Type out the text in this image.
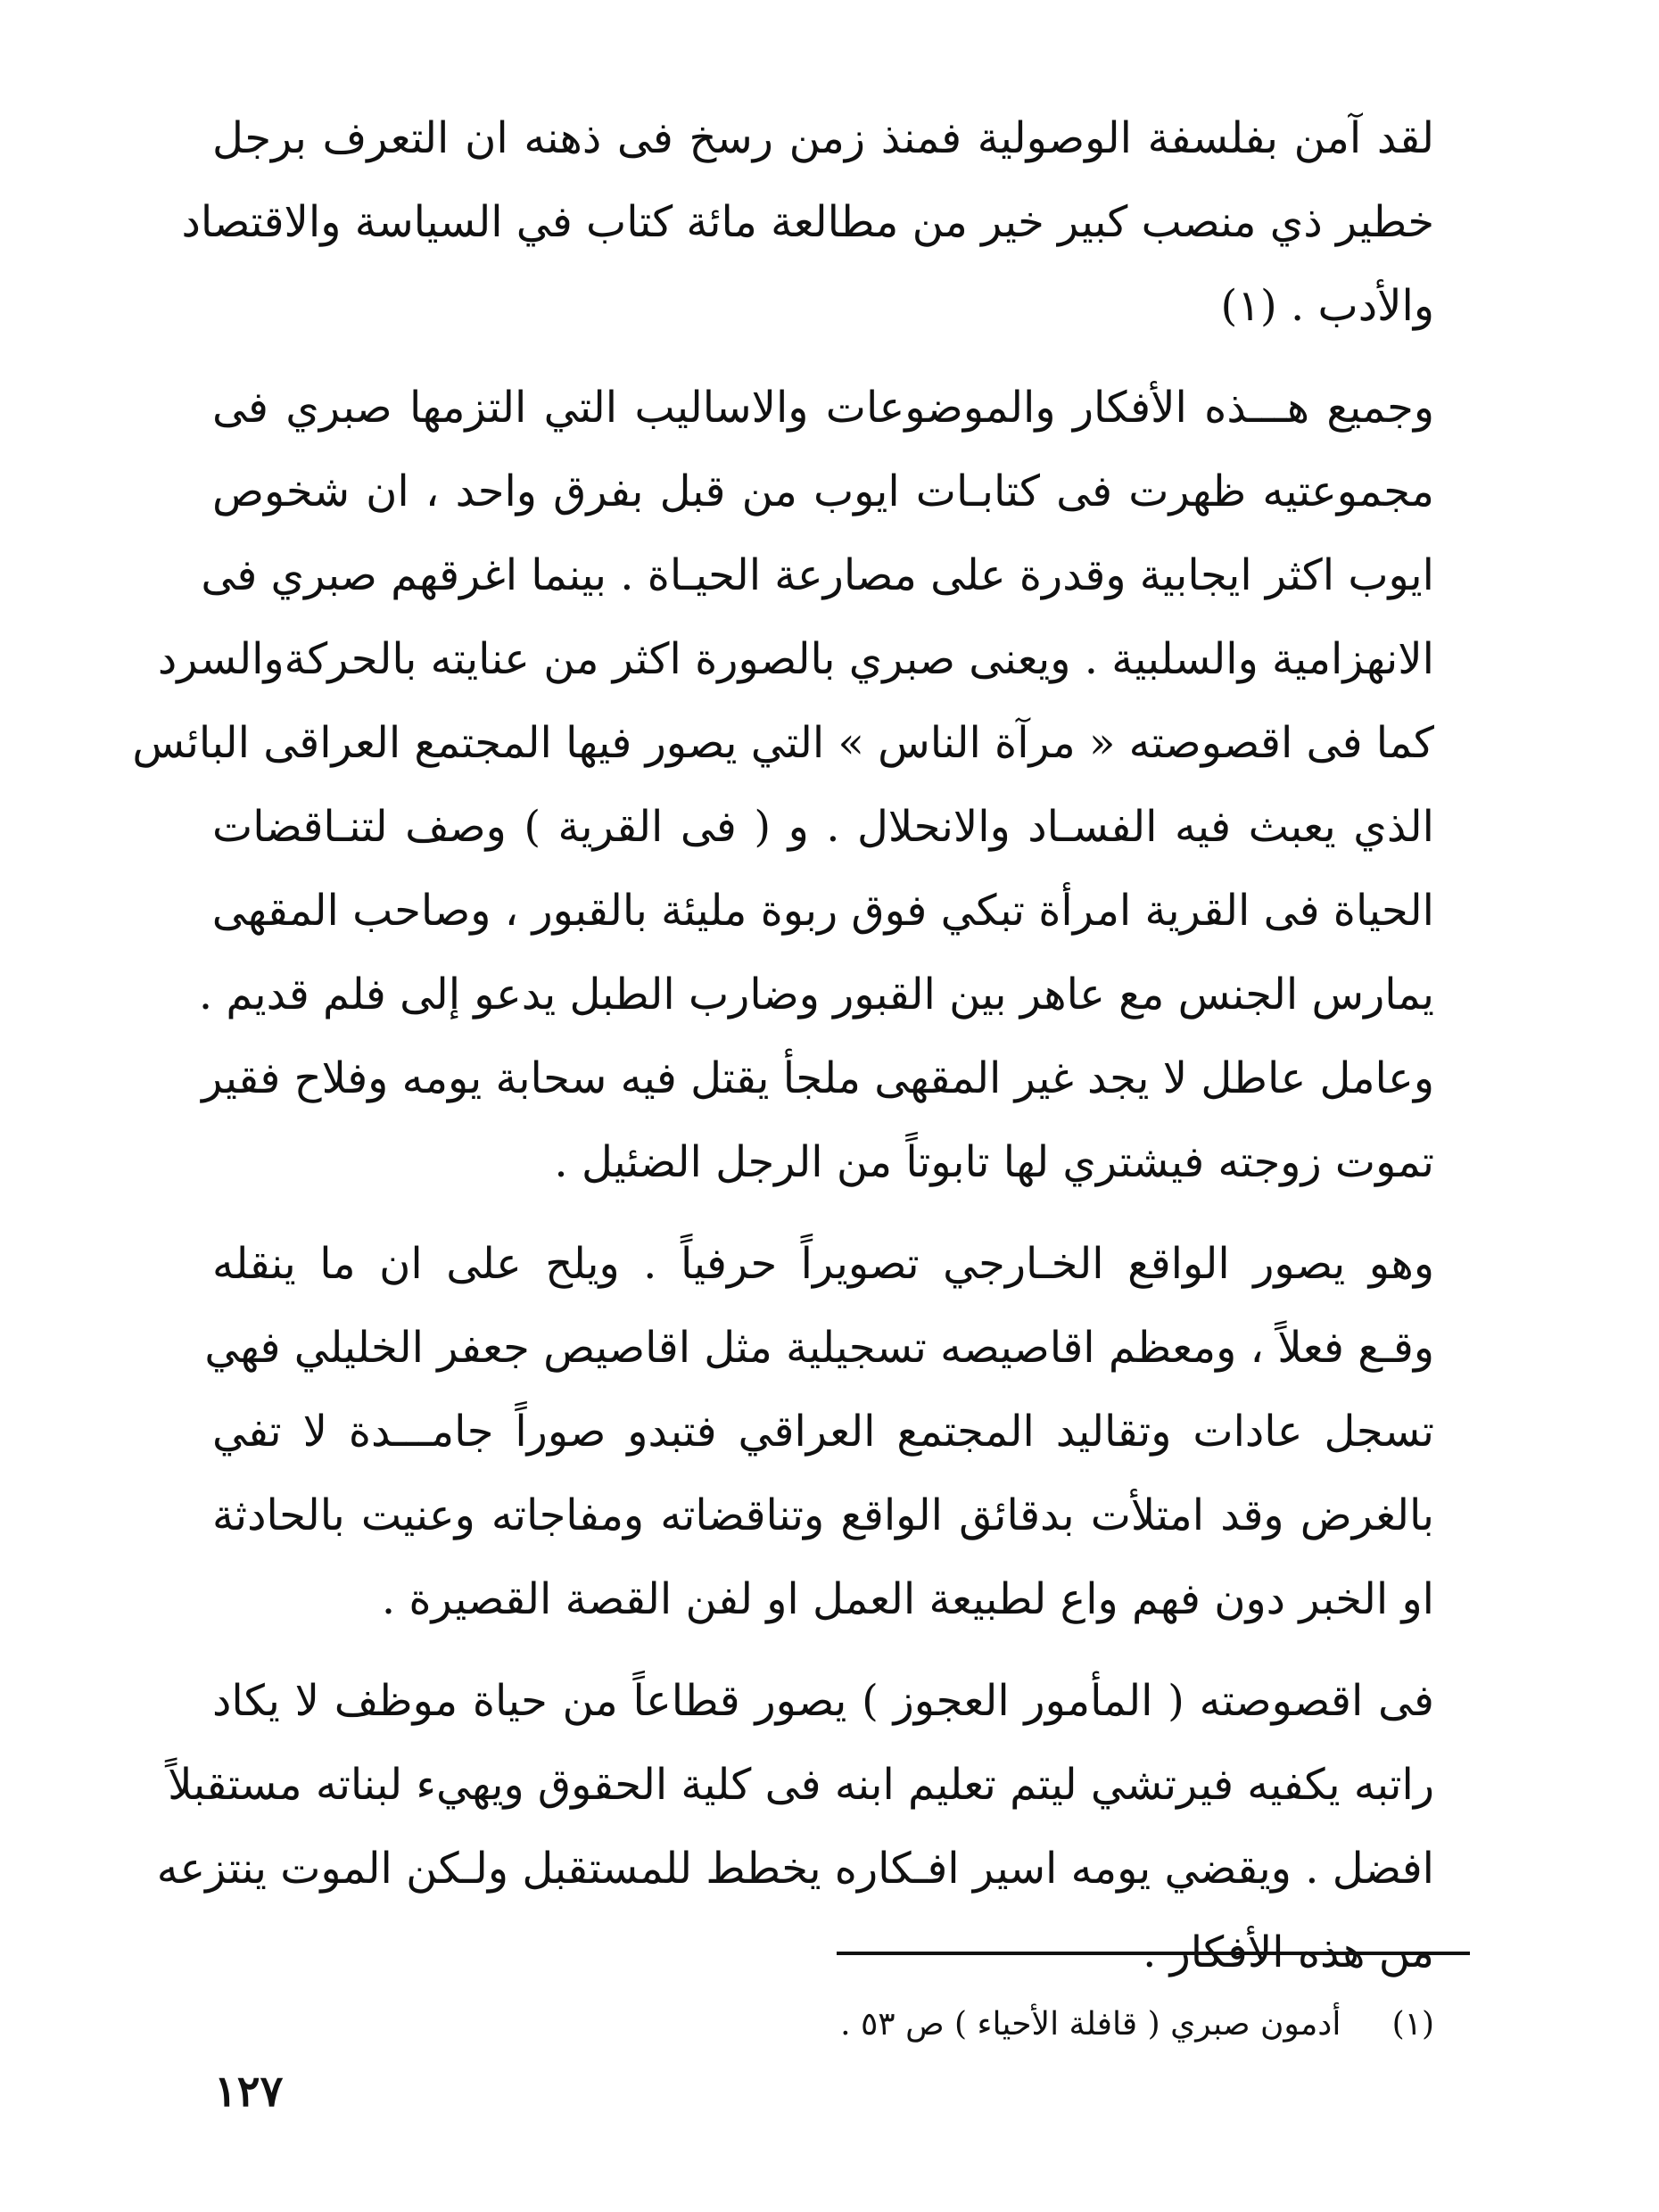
لقد آمن بفلسفة الوصولية فمنذ زمن رسخ فى ذهنه ان التعرف برجل
خطير ذي منصب كبير خير من مطالعة مائة كتاب في السياسة والاقتصاد
والأدب . (١)
وجميع هـــذه الأفكار والموضوعات والاساليب التي التزمها صبري فى
مجموعتيه ظهرت فى كتابـات ايوب من قبل بفرق واحد ، ان شخوص
ايوب اكثر ايجابية وقدرة على مصارعة الحيـاة . بينما اغرقهم صبري فى
الانهزامية والسلبية . ويعنى صبري بالصورة اكثر من عنايته بالحركةوالسرد
كما فى اقصوصته « مرآة الناس » التي يصور فيها المجتمع العراقى البائس
الذي يعبث فيه الفسـاد والانحلال . و ( فى القرية ) وصف لتنـاقضات
الحياة فى القرية امرأة تبكي فوق ربوة مليئة بالقبور ، وصاحب المقهى
يمارس الجنس مع عاهر بين القبور وضارب الطبل يدعو إلى فلم قديم .
وعامل عاطل لا يجد غير المقهى ملجأ يقتل فيه سحابة يومه وفلاح فقير
تموت زوجته فيشتري لها تابوتاً من الرجل الضئيل .
وهو يصور الواقع الخـارجي تصويراً حرفياً . ويلح على ان ما ينقله
وقـع فعلاً ، ومعظم اقاصيصه تسجيلية مثل اقاصيص جعفر الخليلي فهي
تسجل عادات وتقاليد المجتمع العراقي فتبدو صوراً جامـــدة لا تفي
بالغرض وقد امتلأت بدقائق الواقع وتناقضاته ومفاجاته وعنيت بالحادثة
او الخبر دون فهم واع لطبيعة العمل او لفن القصة القصيرة .
فى اقصوصته ( المأمور العجوز ) يصور قطاعاً من حياة موظف لا يكاد
راتبه يكفيه فيرتشي ليتم تعليم ابنه فى كلية الحقوق ويهيء لبناته مستقبلاً
افضل . ويقضي يومه اسير افـكاره يخطط للمستقبل ولـكن الموت ينتزعه
من هذه الأفكار .
(١)     أدمون صبري ( قافلة الأحياء ) ص ٥٣ .
١٢٧
